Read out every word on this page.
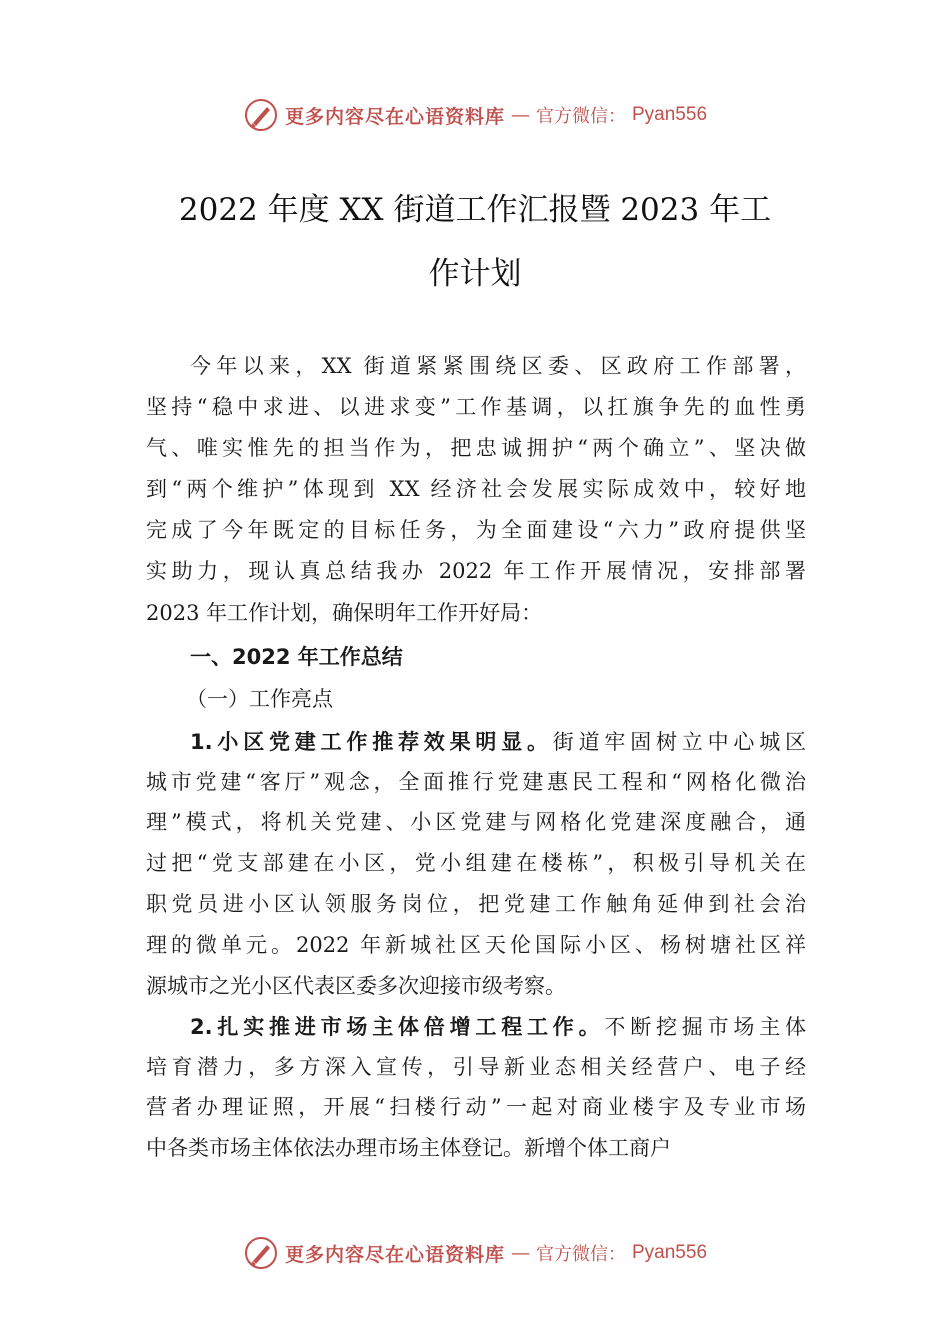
更多内容尽在心语资料库 — 官方微信： Pyan556
2022 年度 XX 街道工作汇报暨 2023 年工
作计划
今年以来，XX 街道紧紧围绕区委、区政府工作部署，
坚持“稳中求进、以进求变”工作基调，以扛旗争先的血性勇
气、唯实惟先的担当作为，把忠诚拥护“两个确立”、坚决做
到“两个维护”体现到 XX 经济社会发展实际成效中，较好地
完成了今年既定的目标任务，为全面建设“六力”政府提供坚
实助力，现认真总结我办 2022 年工作开展情况，安排部署
2023 年工作计划，确保明年工作开好局：
一、2022 年工作总结
（一）工作亮点
1.小区党建工作推荐效果明显。街道牢固树立中心城区
城市党建“客厅”观念，全面推行党建惠民工程和“网格化微治
理”模式，将机关党建、小区党建与网格化党建深度融合，通
过把“党支部建在小区，党小组建在楼栋”，积极引导机关在
职党员进小区认领服务岗位，把党建工作触角延伸到社会治
理的微单元。2022 年新城社区天伦国际小区、杨树塘社区祥
源城市之光小区代表区委多次迎接市级考察。
2.扎实推进市场主体倍增工程工作。不断挖掘市场主体
培育潜力，多方深入宣传，引导新业态相关经营户、电子经
营者办理证照，开展“扫楼行动”一起对商业楼宇及专业市场
中各类市场主体依法办理市场主体登记。新增个体工商户
更多内容尽在心语资料库 — 官方微信： Pyan556
